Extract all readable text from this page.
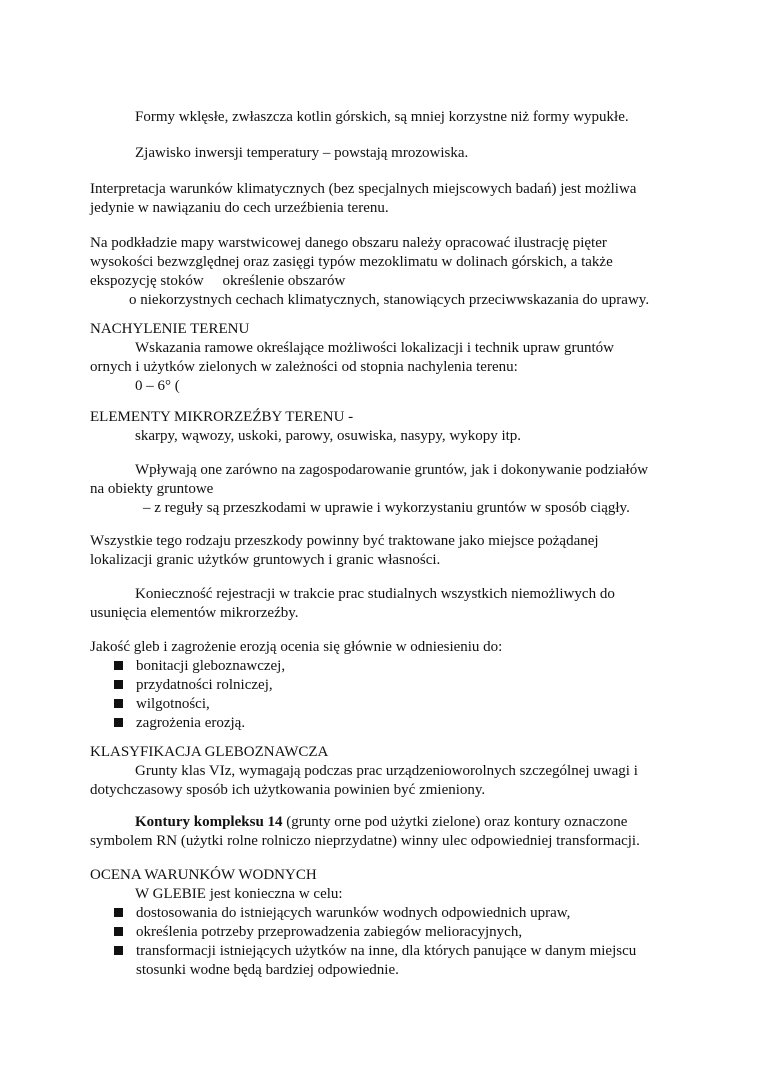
Formy wklęsłe, zwłaszcza kotlin górskich, są mniej korzystne niż formy wypukłe.

Zjawisko inwersji temperatury – powstają mrozowiska.

Interpretacja warunków klimatycznych (bez specjalnych miejscowych badań) jest możliwa

jedynie w nawiązaniu do cech urzeźbienia terenu.

Na podkładzie mapy warstwicowej danego obszaru należy opracować ilustrację pięter

wysokości bezwzględnej oraz zasięgi typów mezoklimatu w dolinach górskich, a także

ekspozycję stoków     określenie obszarów

o niekorzystnych cechach klimatycznych, stanowiących przeciwwskazania do uprawy.

NACHYLENIE TERENU

Wskazania ramowe określające możliwości lokalizacji i technik upraw gruntów

ornych i użytków zielonych w zależności od stopnia nachylenia terenu:

0 – 6° (

ELEMENTY MIKRORZEŹBY TERENU -

skarpy, wąwozy, uskoki, parowy, osuwiska, nasypy, wykopy itp.

Wpływają one zarówno na zagospodarowanie gruntów, jak i dokonywanie podziałów

na obiekty gruntowe

– z reguły są przeszkodami w uprawie i wykorzystaniu gruntów w sposób ciągły.

Wszystkie tego rodzaju przeszkody powinny być traktowane jako miejsce pożądanej

lokalizacji granic użytków gruntowych i granic własności.

Konieczność rejestracji w trakcie prac studialnych wszystkich niemożliwych do

usunięcia elementów mikrorzeźby.

Jakość gleb i zagrożenie erozją ocenia się głównie w odniesieniu do:

bonitacji gleboznawczej,
przydatności rolniczej,
wilgotności,
zagrożenia erozją.

KLASYFIKACJA GLEBOZNAWCZA

Grunty klas VIz, wymagają podczas prac urządzenioworolnych szczególnej uwagi i

dotychczasowy sposób ich użytkowania powinien być zmieniony.

Kontury kompleksu 14 (grunty orne pod użytki zielone) oraz kontury oznaczone

symbolem RN (użytki rolne rolniczo nieprzydatne) winny ulec odpowiedniej transformacji.

OCENA WARUNKÓW WODNYCH

W GLEBIE jest konieczna w celu:

dostosowania do istniejących warunków wodnych odpowiednich upraw,
określenia potrzeby przeprowadzenia zabiegów melioracyjnych,
transformacji istniejących użytków na inne, dla których panujące w danym miejscu
stosunki wodne będą bardziej odpowiednie.
